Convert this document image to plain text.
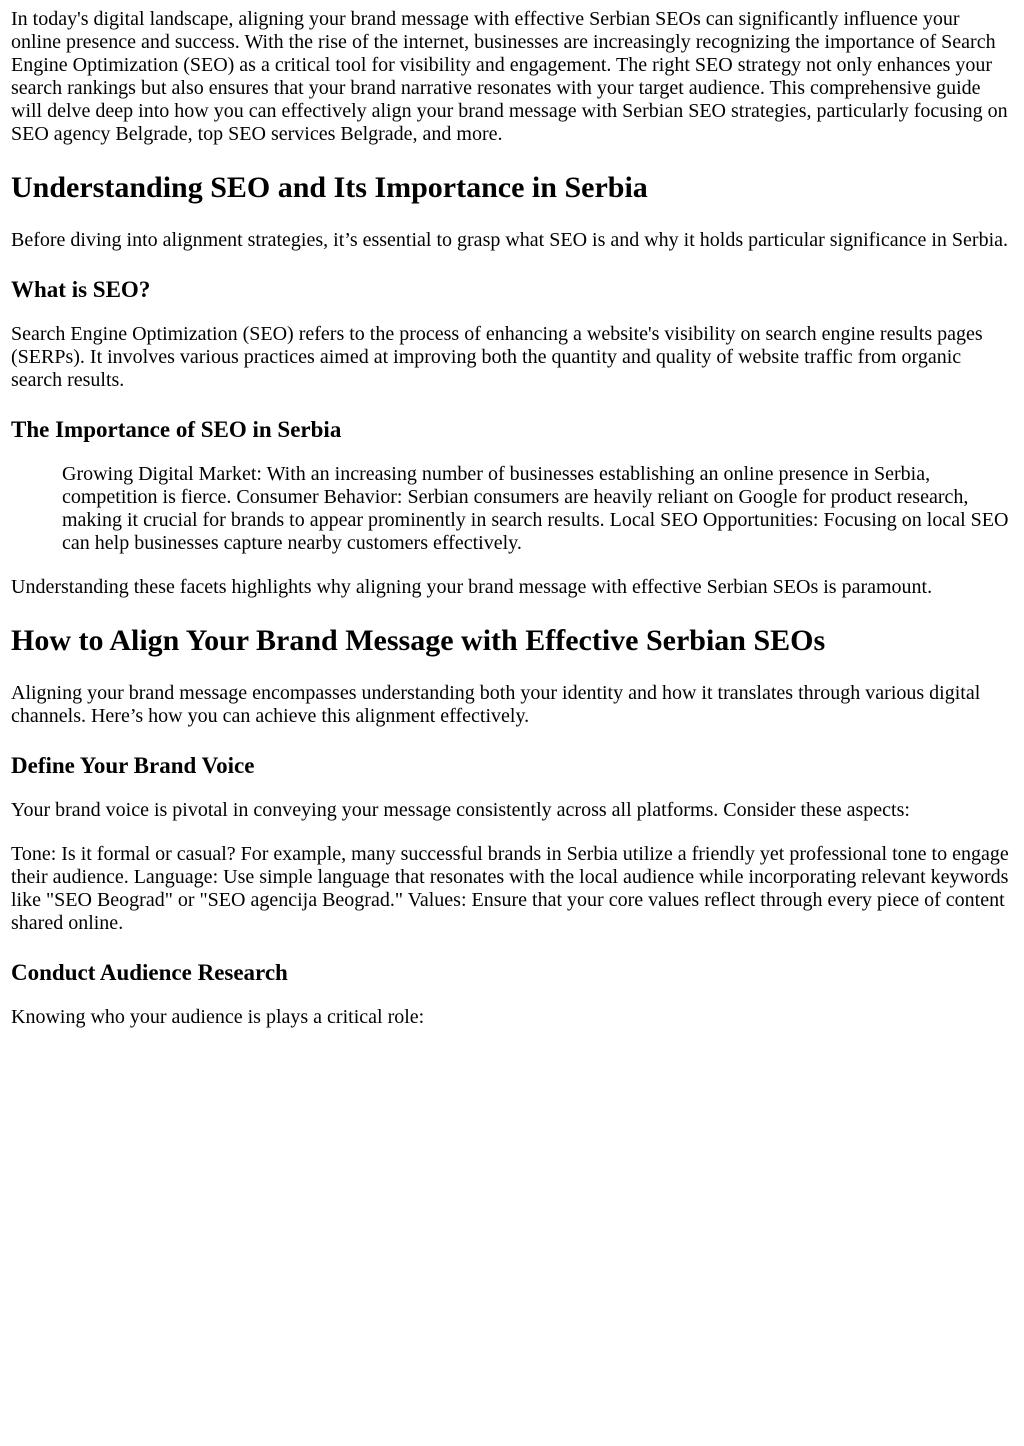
In today's digital landscape, aligning your brand message with effective Serbian SEOs can significantly influence your online presence and success. With the rise of the internet, businesses are increasingly recognizing the importance of Search Engine Optimization (SEO) as a critical tool for visibility and engagement. The right SEO strategy not only enhances your search rankings but also ensures that your brand narrative resonates with your target audience. This comprehensive guide will delve deep into how you can effectively align your brand message with Serbian SEO strategies, particularly focusing on SEO agency Belgrade, top SEO services Belgrade, and more.

Understanding SEO and Its Importance in Serbia

Before diving into alignment strategies, it’s essential to grasp what SEO is and why it holds particular significance in Serbia.

What is SEO?

Search Engine Optimization (SEO) refers to the process of enhancing a website's visibility on search engine results pages (SERPs). It involves various practices aimed at improving both the quantity and quality of website traffic from organic search results.

The Importance of SEO in Serbia
Growing Digital Market: With an increasing number of businesses establishing an online presence in Serbia, competition is fierce. Consumer Behavior: Serbian consumers are heavily reliant on Google for product research, making it crucial for brands to appear prominently in search results. Local SEO Opportunities: Focusing on local SEO can help businesses capture nearby customers effectively.

Understanding these facets highlights why aligning your brand message with effective Serbian SEOs is paramount.

How to Align Your Brand Message with Effective Serbian SEOs

Aligning your brand message encompasses understanding both your identity and how it translates through various digital channels. Here’s how you can achieve this alignment effectively.

Define Your Brand Voice

Your brand voice is pivotal in conveying your message consistently across all platforms. Consider these aspects:

Tone: Is it formal or casual? For example, many successful brands in Serbia utilize a friendly yet professional tone to engage their audience. Language: Use simple language that resonates with the local audience while incorporating relevant keywords like "SEO Beograd" or "SEO agencija Beograd." Values: Ensure that your core values reflect through every piece of content shared online.

Conduct Audience Research

Knowing who your audience is plays a critical role:
